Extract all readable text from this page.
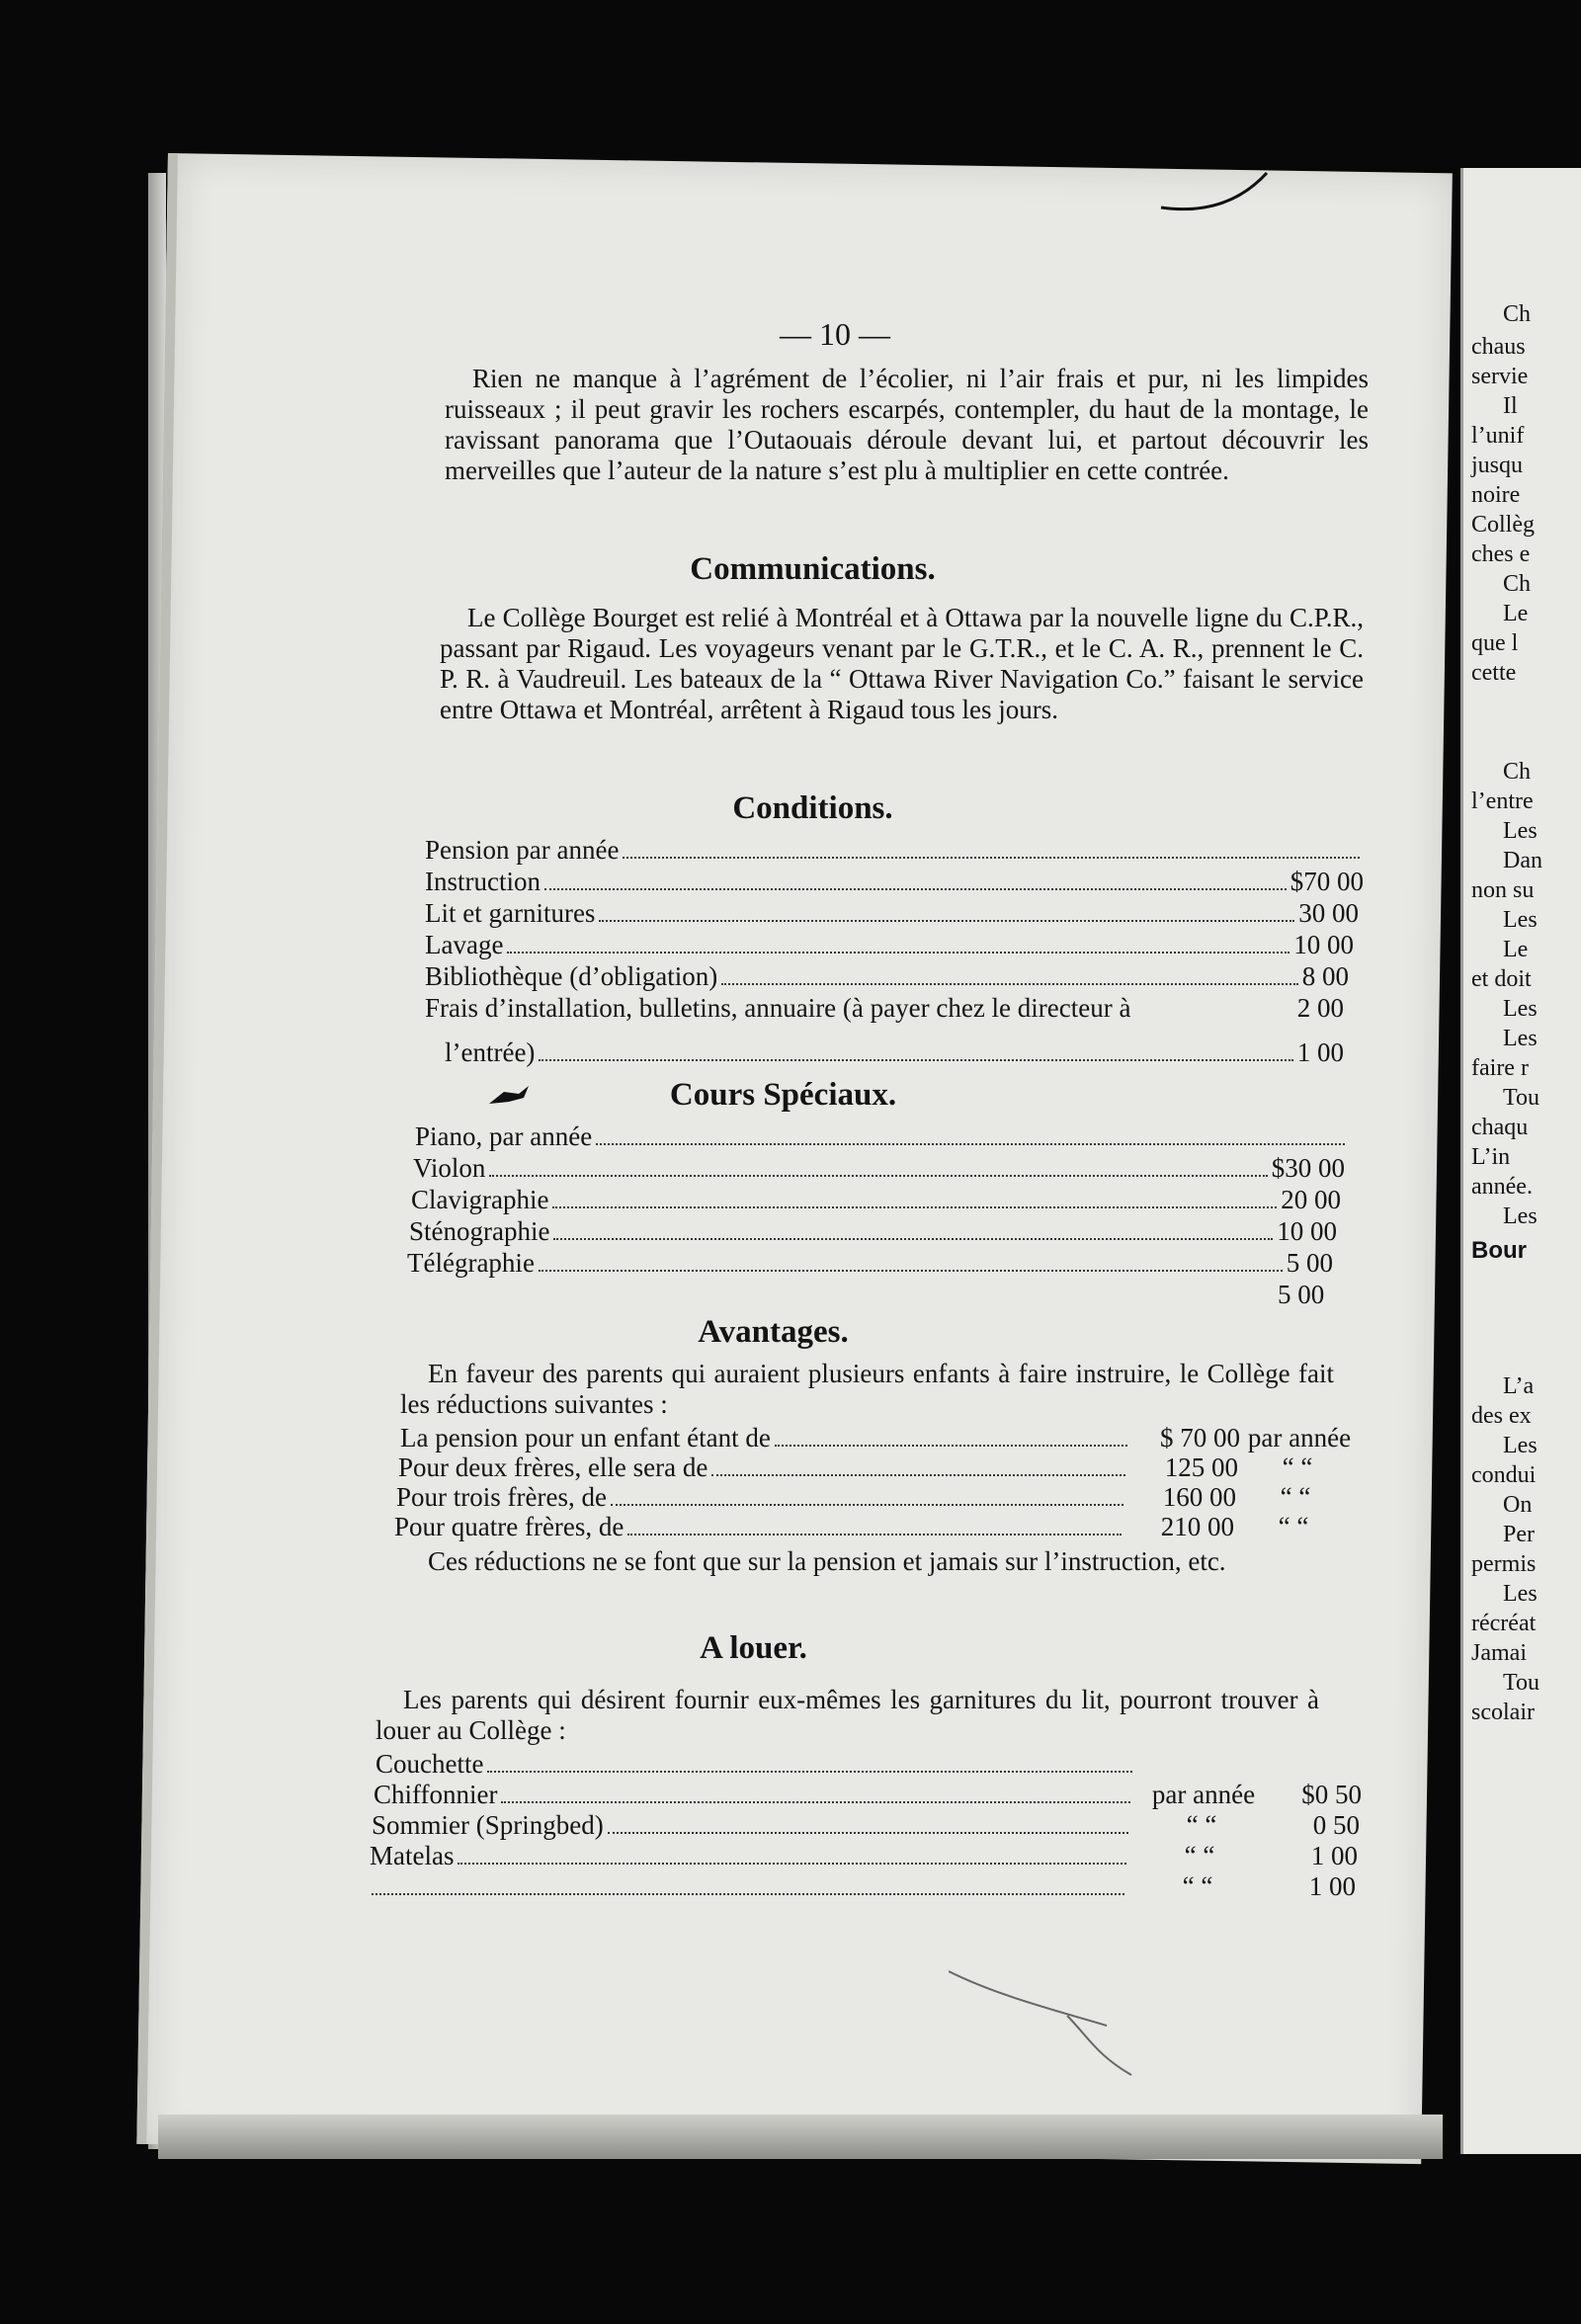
Ch
chaus
servie
Il
l’unif
jusqu
noire
Collèg
ches e
Ch
Le
que l
cette
Ch
l’entre
Les
Dan
non su
Les
Le
et doit
Les
Les
faire r
Tou
chaqu
L’in
année.
Les
Bour
L’a
des ex
Les
condui
On
Per
permis
Les
récréat
Jamai
Tou
scolair
— 10 —
Rien ne manque à l’agrément de l’écolier, ni l’air frais et pur, ni les limpides ruisseaux ; il peut gravir les rochers escarpés, contempler, du haut de la montage, le ravissant panorama que l’Outaouais déroule devant lui, et partout découvrir les merveilles que l’auteur de la nature s’est plu à multiplier en cette contrée.
Communications.
Le Collège Bourget est relié à Montréal et à Ottawa par la nouvelle ligne du C.P.R., passant par Rigaud. Les voyageurs venant par le G.T.R., et le C. A. R., prennent le C. P. R. à Vaudreuil. Les bateaux de la “ Ottawa River Navigation Co.” faisant le service entre Ottawa et Montréal, arrêtent à Rigaud tous les jours.
Conditions.
Pension par année
Instruction	$70 00
Lit et garnitures	30 00
Lavage	10 00
Bibliothèque (d’obligation)	8 00
Frais d’installation, bulletins, annuaire (à payer chez le directeur à	2 00
l’entrée)	1 00
Cours Spéciaux.
Piano, par année
Violon	$30 00
Clavigraphie	20 00
Sténographie	10 00
Télégraphie	5 00
5 00
Avantages.
En faveur des parents qui auraient plusieurs enfants à faire instruire, le Collège fait les réductions suivantes :
La pension pour un enfant étant de	$ 70 00 par année
Pour deux frères, elle sera de	125 00	“ “
Pour trois frères, de	160 00	“ “
Pour quatre frères, de	210 00	“ “
Ces réductions ne se font que sur la pension et jamais sur l’instruction, etc.
A louer.
Les parents qui désirent fournir eux-mêmes les garnitures du lit, pourront trouver à louer au Collège :
Couchette
Chiffonnier	par année	$0 50
Sommier (Springbed)	“ “	0 50
Matelas	“ “	1 00
“ “	1 00
